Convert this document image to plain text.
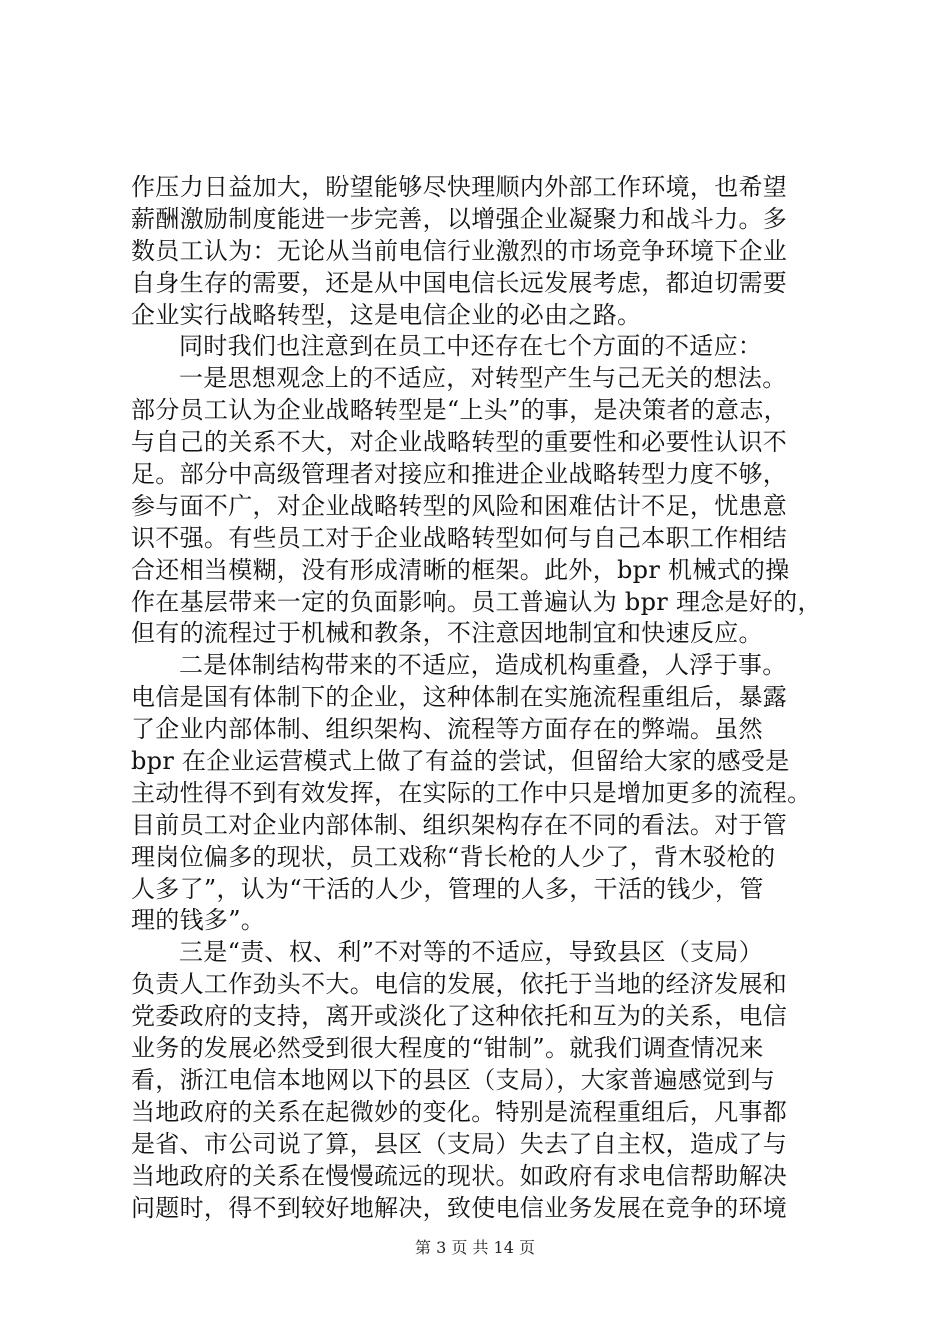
作压力日益加大，盼望能够尽快理顺内外部工作环境，也希望
薪酬激励制度能进一步完善，以增强企业凝聚力和战斗力。多
数员工认为：无论从当前电信行业激烈的市场竞争环境下企业
自身生存的需要，还是从中国电信长远发展考虑，都迫切需要
企业实行战略转型，这是电信企业的必由之路。
同时我们也注意到在员工中还存在七个方面的不适应：
一是思想观念上的不适应，对转型产生与己无关的想法。
部分员工认为企业战略转型是“上头”的事，是决策者的意志，
与自己的关系不大，对企业战略转型的重要性和必要性认识不
足。部分中高级管理者对接应和推进企业战略转型力度不够，
参与面不广，对企业战略转型的风险和困难估计不足，忧患意
识不强。有些员工对于企业战略转型如何与自己本职工作相结
合还相当模糊，没有形成清晰的框架。此外，bpr 机械式的操
作在基层带来一定的负面影响。员工普遍认为 bpr 理念是好的，
但有的流程过于机械和教条，不注意因地制宜和快速反应。
二是体制结构带来的不适应，造成机构重叠，人浮于事。
电信是国有体制下的企业，这种体制在实施流程重组后，暴露
了企业内部体制、组织架构、流程等方面存在的弊端。虽然
bpr 在企业运营模式上做了有益的尝试，但留给大家的感受是
主动性得不到有效发挥，在实际的工作中只是增加更多的流程。
目前员工对企业内部体制、组织架构存在不同的看法。对于管
理岗位偏多的现状，员工戏称“背长枪的人少了，背木驳枪的
人多了”，认为“干活的人少，管理的人多，干活的钱少，管
理的钱多”。
三是“责、权、利”不对等的不适应，导致县区（支局）
负责人工作劲头不大。电信的发展，依托于当地的经济发展和
党委政府的支持，离开或淡化了这种依托和互为的关系，电信
业务的发展必然受到很大程度的“钳制”。就我们调查情况来
看，浙江电信本地网以下的县区（支局），大家普遍感觉到与
当地政府的关系在起微妙的变化。特别是流程重组后，凡事都
是省、市公司说了算，县区（支局）失去了自主权，造成了与
当地政府的关系在慢慢疏远的现状。如政府有求电信帮助解决
问题时，得不到较好地解决，致使电信业务发展在竞争的环境
第 3 页 共 14 页
